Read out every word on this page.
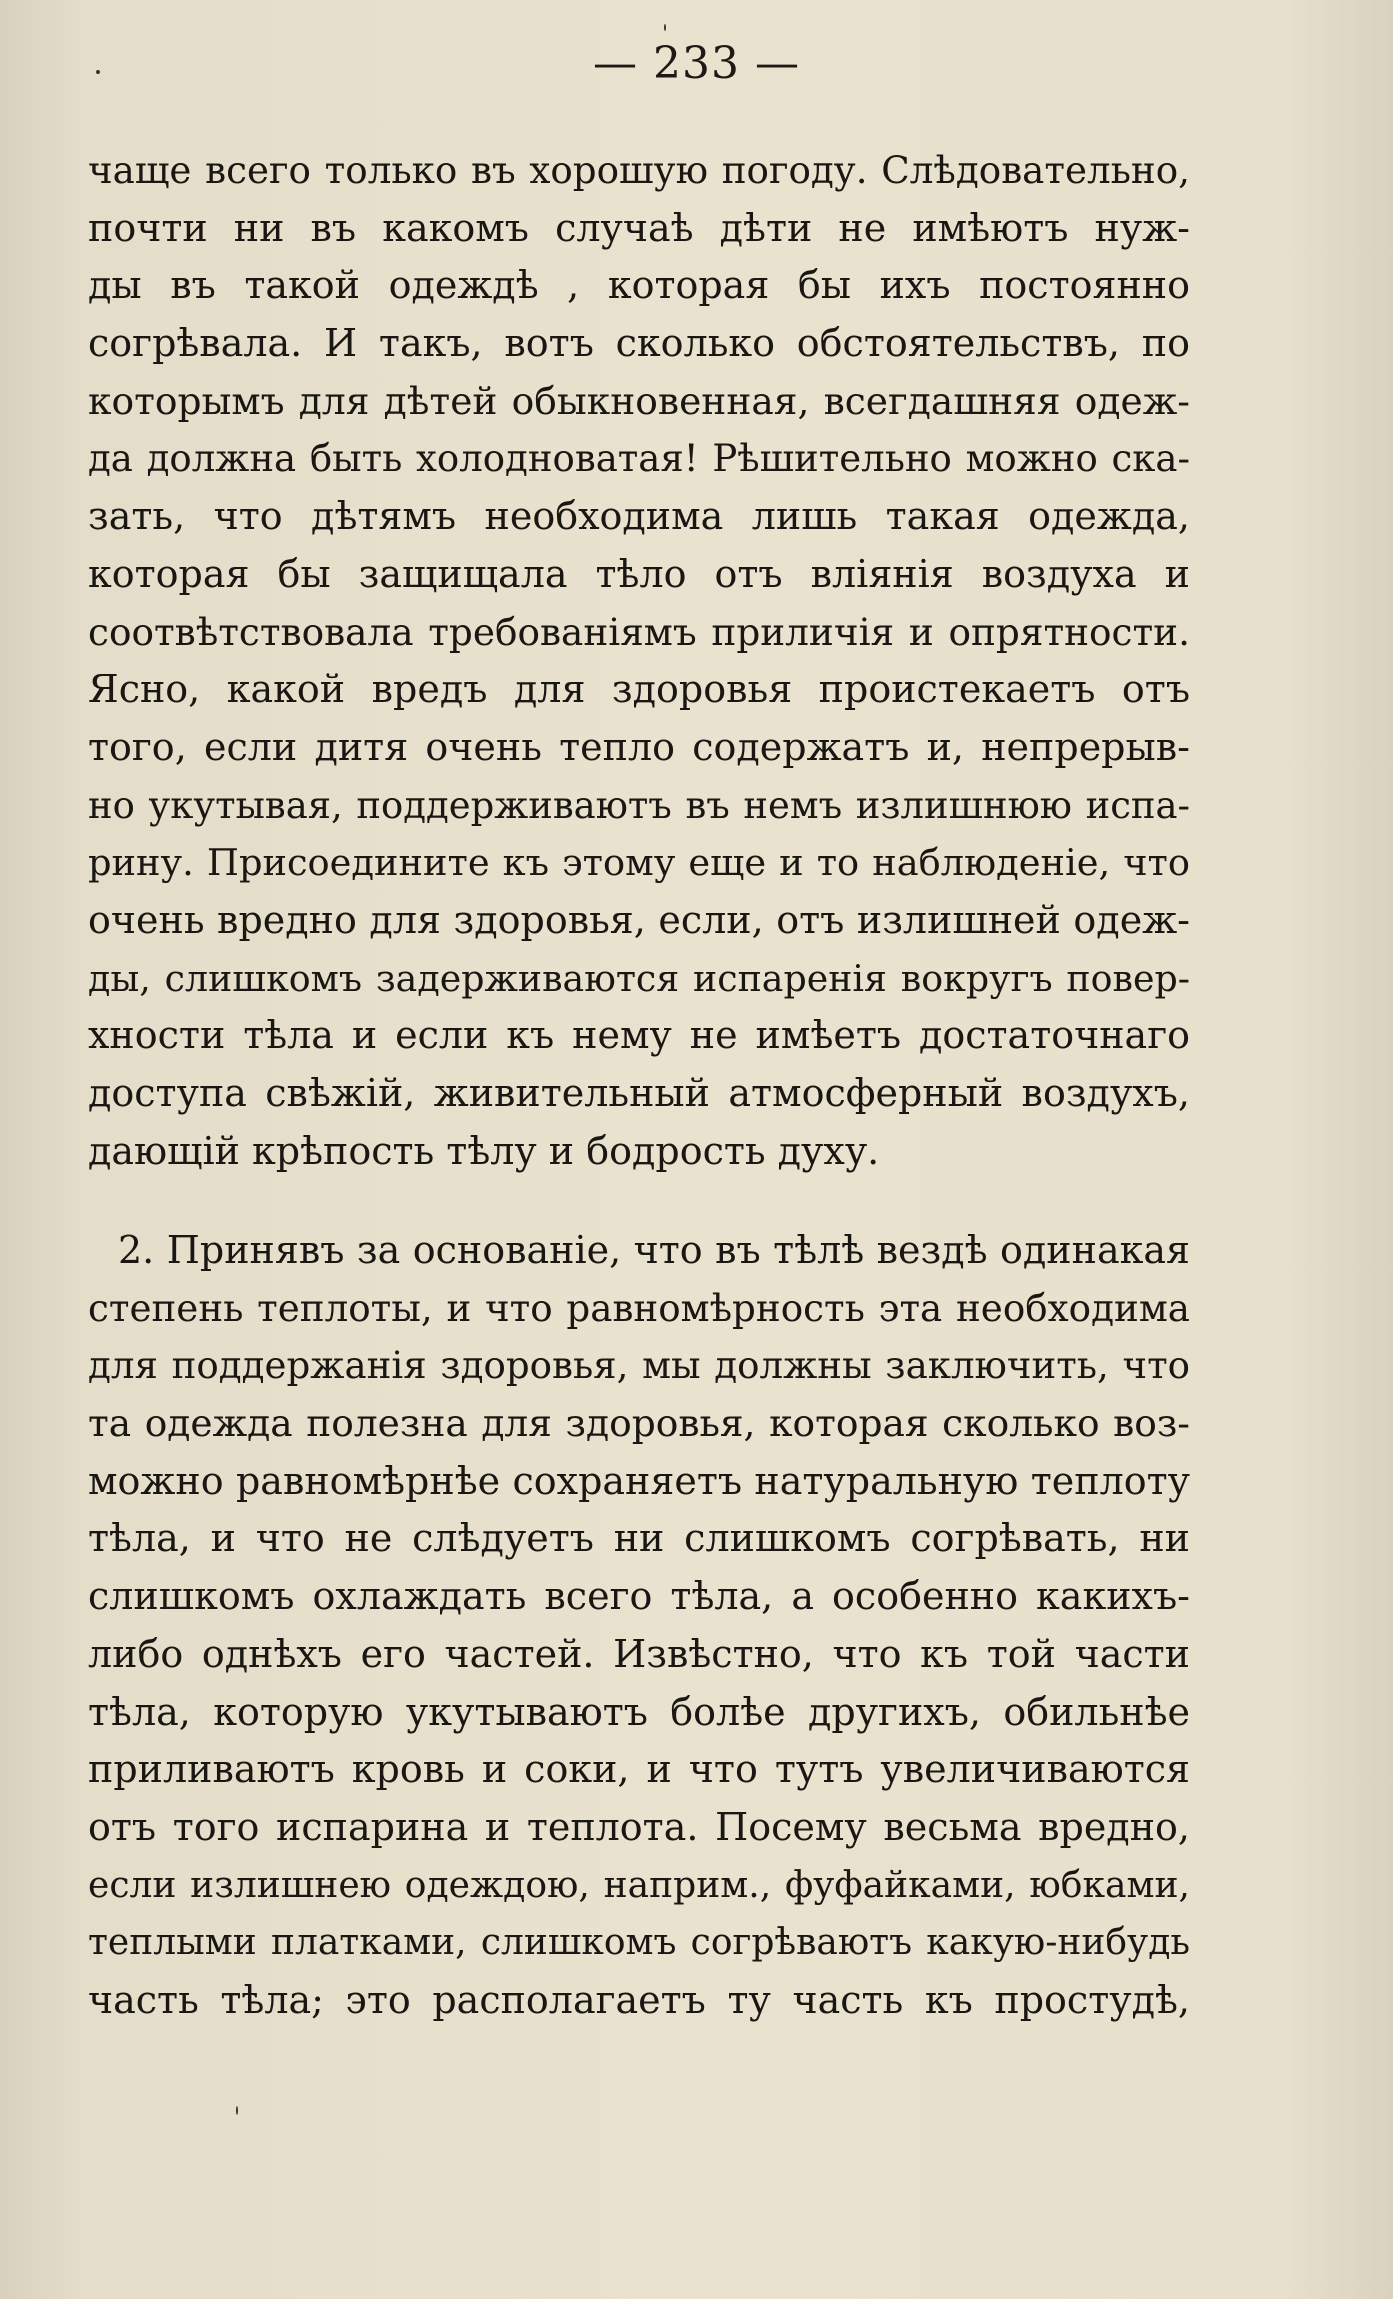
— 233 —
чаще всего только въ хорошую погоду. Слѣдовательно,
почти ни въ какомъ случаѣ дѣти не имѣютъ нуж-
ды въ такой одеждѣ , которая бы ихъ постоянно
согрѣвала. И такъ, вотъ сколько обстоятельствъ, по
которымъ для дѣтей обыкновенная, всегдашняя одеж-
да должна быть холодноватая! Рѣшительно можно ска-
зать, что дѣтямъ необходима лишь такая одежда,
которая бы защищала тѣло отъ вліянія воздуха и
соотвѣтствовала требованіямъ приличія и опрятности.
Ясно, какой вредъ для здоровья проистекаетъ отъ
того, если дитя очень тепло содержатъ и, непрерыв-
но укутывая, поддерживаютъ въ немъ излишнюю испа-
рину. Присоедините къ этому еще и то наблюденіе, что
очень вредно для здоровья, если, отъ излишней одеж-
ды, слишкомъ задерживаются испаренія вокругъ повер-
хности тѣла и если къ нему не имѣетъ достаточнаго
доступа свѣжій, живительный атмосферный воздухъ,
дающій крѣпость тѣлу и бодрость духу.
2. Принявъ за основаніе, что въ тѣлѣ вездѣ одинакая
степень теплоты, и что равномѣрность эта необходима
для поддержанія здоровья, мы должны заключить, что
та одежда полезна для здоровья, которая сколько воз-
можно равномѣрнѣе сохраняетъ натуральную теплоту
тѣла, и что не слѣдуетъ ни слишкомъ согрѣвать, ни
слишкомъ охлаждать всего тѣла, а особенно какихъ-
либо однѣхъ его частей. Извѣстно, что къ той части
тѣла, которую укутываютъ болѣе другихъ, обильнѣе
приливаютъ кровь и соки, и что тутъ увеличиваются
отъ того испарина и теплота. Посему весьма вредно,
если излишнею одеждою, наприм., фуфайками, юбками,
теплыми платками, слишкомъ согрѣваютъ какую-нибудь
часть тѣла; это располагаетъ ту часть къ простудѣ,
